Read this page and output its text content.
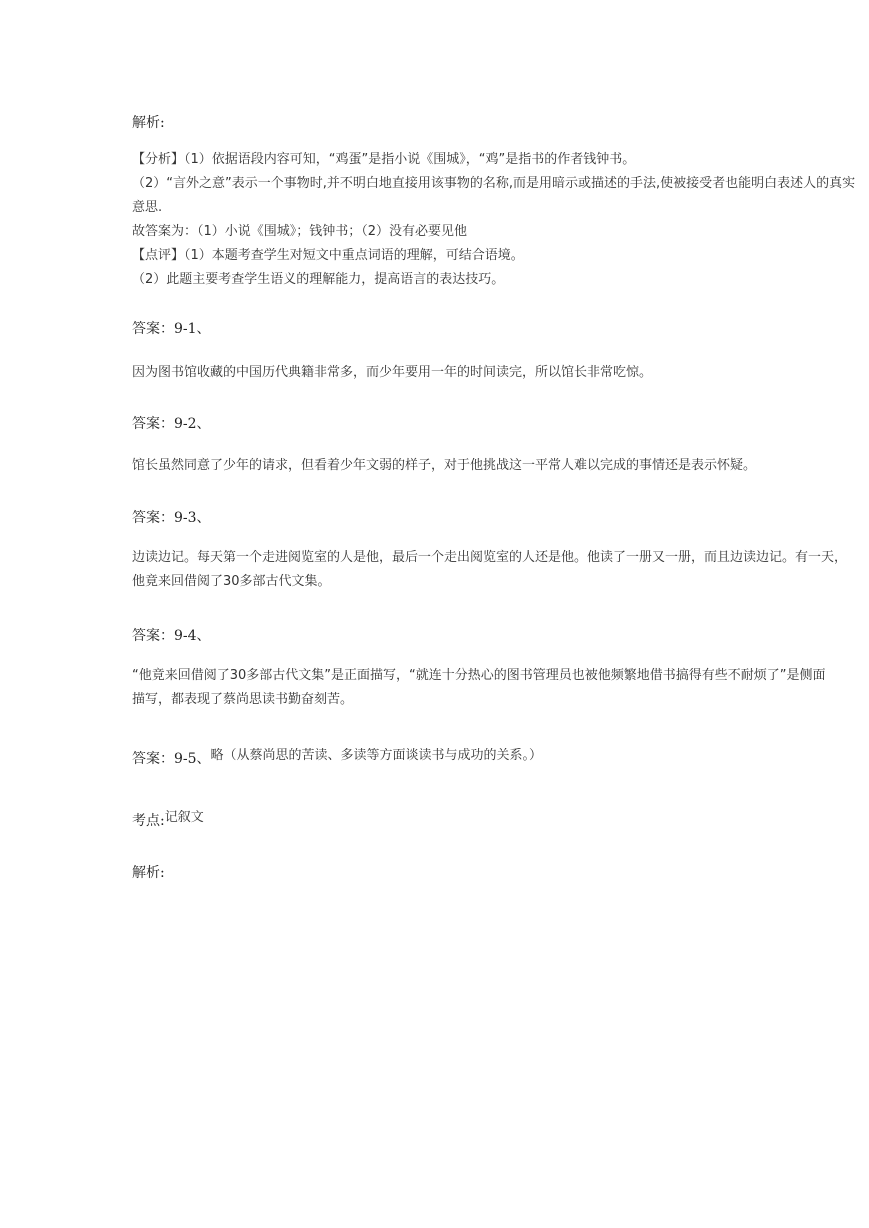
解析:
【分析】（1）依据语段内容可知，“鸡蛋”是指小说《围城》，“鸡”是指书的作者钱钟书。
（2）“言外之意”表示一个事物时,并不明白地直接用该事物的名称,而是用暗示或描述的手法,使被接受者也能明白表述人的真实
意思.
故答案为：（1）小说《围城》；钱钟书；（2）没有必要见他
【点评】（1）本题考查学生对短文中重点词语的理解，可结合语境。
（2）此题主要考查学生语义的理解能力，提高语言的表达技巧。
答案：9-1、
因为图书馆收藏的中国历代典籍非常多，而少年要用一年的时间读完，所以馆长非常吃惊。
答案：9-2、
馆长虽然同意了少年的请求，但看着少年文弱的样子，对于他挑战这一平常人难以完成的事情还是表示怀疑。
答案：9-3、
边读边记。每天第一个走进阅览室的人是他，最后一个走出阅览室的人还是他。他读了一册又一册，而且边读边记。有一天，
他竟来回借阅了30多部古代文集。
答案：9-4、
“他竟来回借阅了30多部古代文集”是正面描写，“就连十分热心的图书管理员也被他频繁地借书搞得有些不耐烦了”是侧面
描写，都表现了蔡尚思读书勤奋刻苦。
答案：9-5、$^{略(从蔡尚思的苦读、多读等方面谈读书与成功的关系。)}$
考点:$^{记叙文}$
解析:
